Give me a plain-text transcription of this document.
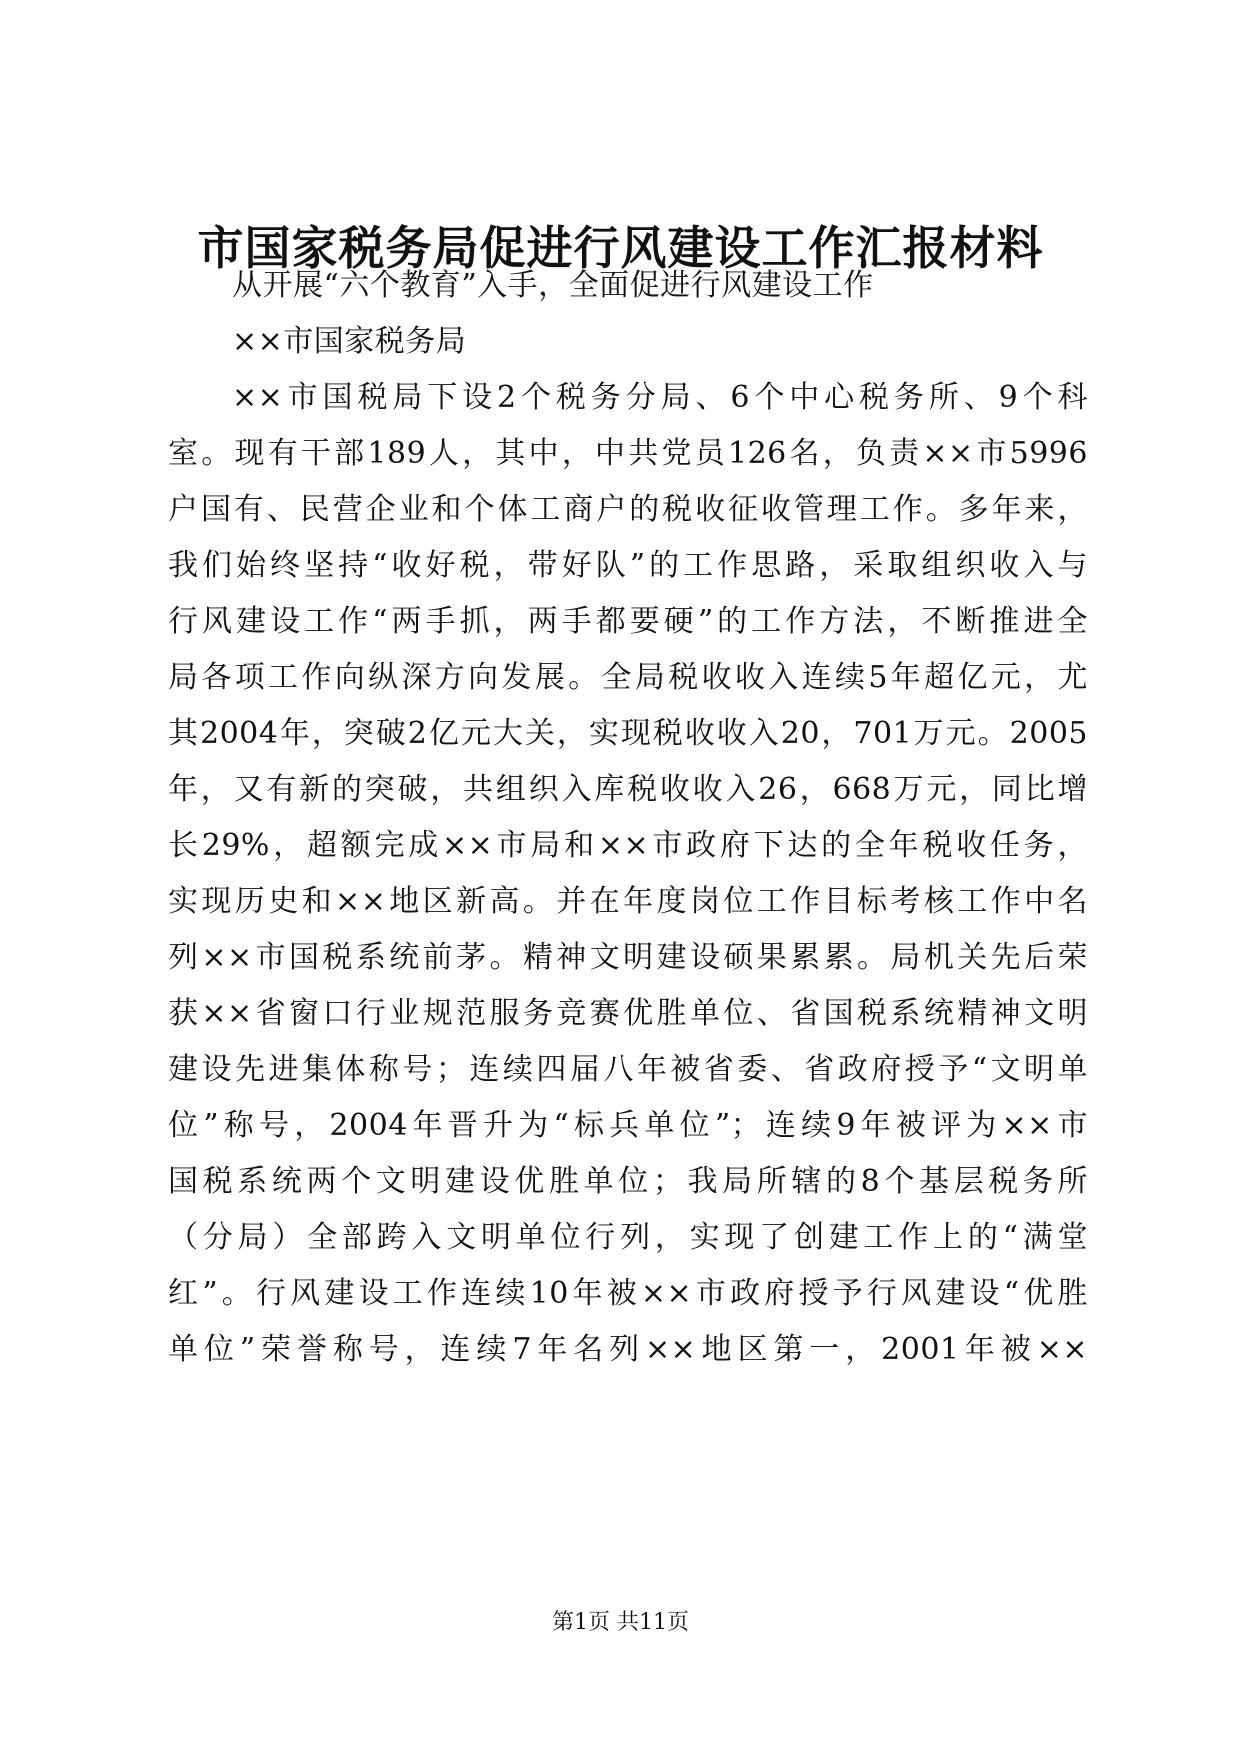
市国家税务局促进行风建设工作汇报材料
从开展“六个教育”入手，全面促进行风建设工作
××市国家税务局
××市国税局下设2个税务分局、6个中心税务所、9个科
室。现有干部189人，其中，中共党员126名，负责××市5996
户国有、民营企业和个体工商户的税收征收管理工作。多年来，
我们始终坚持“收好税，带好队”的工作思路，采取组织收入与
行风建设工作“两手抓，两手都要硬”的工作方法，不断推进全
局各项工作向纵深方向发展。全局税收收入连续5年超亿元，尤
其2004年，突破2亿元大关，实现税收收入20，701万元。2005
年，又有新的突破，共组织入库税收收入26，668万元，同比增
长29%，超额完成××市局和××市政府下达的全年税收任务，
实现历史和××地区新高。并在年度岗位工作目标考核工作中名
列××市国税系统前茅。精神文明建设硕果累累。局机关先后荣
获××省窗口行业规范服务竞赛优胜单位、省国税系统精神文明
建设先进集体称号；连续四届八年被省委、省政府授予“文明单
位”称号，2004年晋升为“标兵单位”；连续9年被评为××市
国税系统两个文明建设优胜单位；我局所辖的8个基层税务所
（分局）全部跨入文明单位行列，实现了创建工作上的“满堂
红”。行风建设工作连续10年被××市政府授予行风建设“优胜
单位”荣誉称号，连续7年名列××地区第一，2001年被××
第1页 共11页
